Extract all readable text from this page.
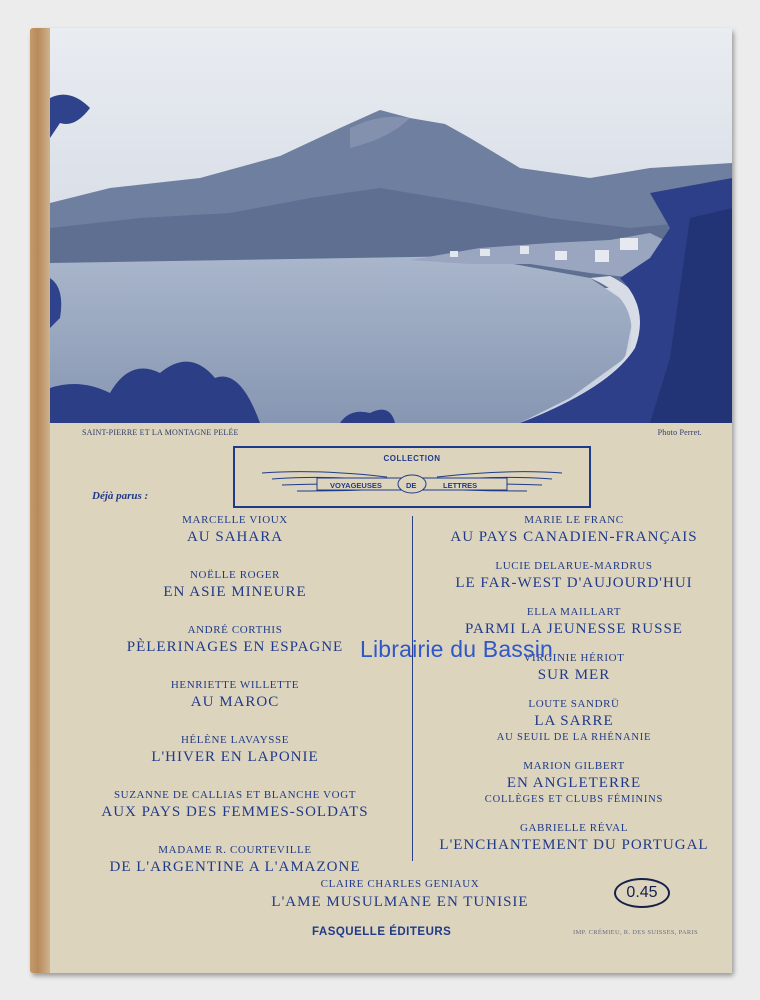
SAINT-PIERRE ET LA MONTAGNE PELÉE	Photo Perret.
COLLECTION
VOYAGEUSES	DE	LETTRES
Déjà parus :
MARCELLE VIOUX
AU SAHARA
NOËLLE ROGER
EN ASIE MINEURE
ANDRÉ CORTHIS
PÈLERINAGES EN ESPAGNE
HENRIETTE WILLETTE
AU MAROC
HÉLÈNE LAVAYSSE
L'HIVER EN LAPONIE
SUZANNE DE CALLIAS ET BLANCHE VOGT
AUX PAYS DES FEMMES-SOLDATS
MADAME R. COURTEVILLE
DE L'ARGENTINE A L'AMAZONE
MARIE LE FRANC
AU PAYS CANADIEN-FRANÇAIS
LUCIE DELARUE-MARDRUS
LE FAR-WEST D'AUJOURD'HUI
ELLA MAILLART
PARMI LA JEUNESSE RUSSE
VIRGINIE HÉRIOT
SUR MER
LOUTE SANDRÜ
LA SARRE
AU SEUIL DE LA RHÉNANIE
MARION GILBERT
EN ANGLETERRE
COLLÈGES ET CLUBS FÉMININS
GABRIELLE RÉVAL
L'ENCHANTEMENT DU PORTUGAL
CLAIRE CHARLES GENIAUX
L'AME MUSULMANE EN TUNISIE
0.45
FASQUELLE ÉDITEURS	IMP. CRÉMIEU, R. DES SUISSES, PARIS
Librairie du Bassin
